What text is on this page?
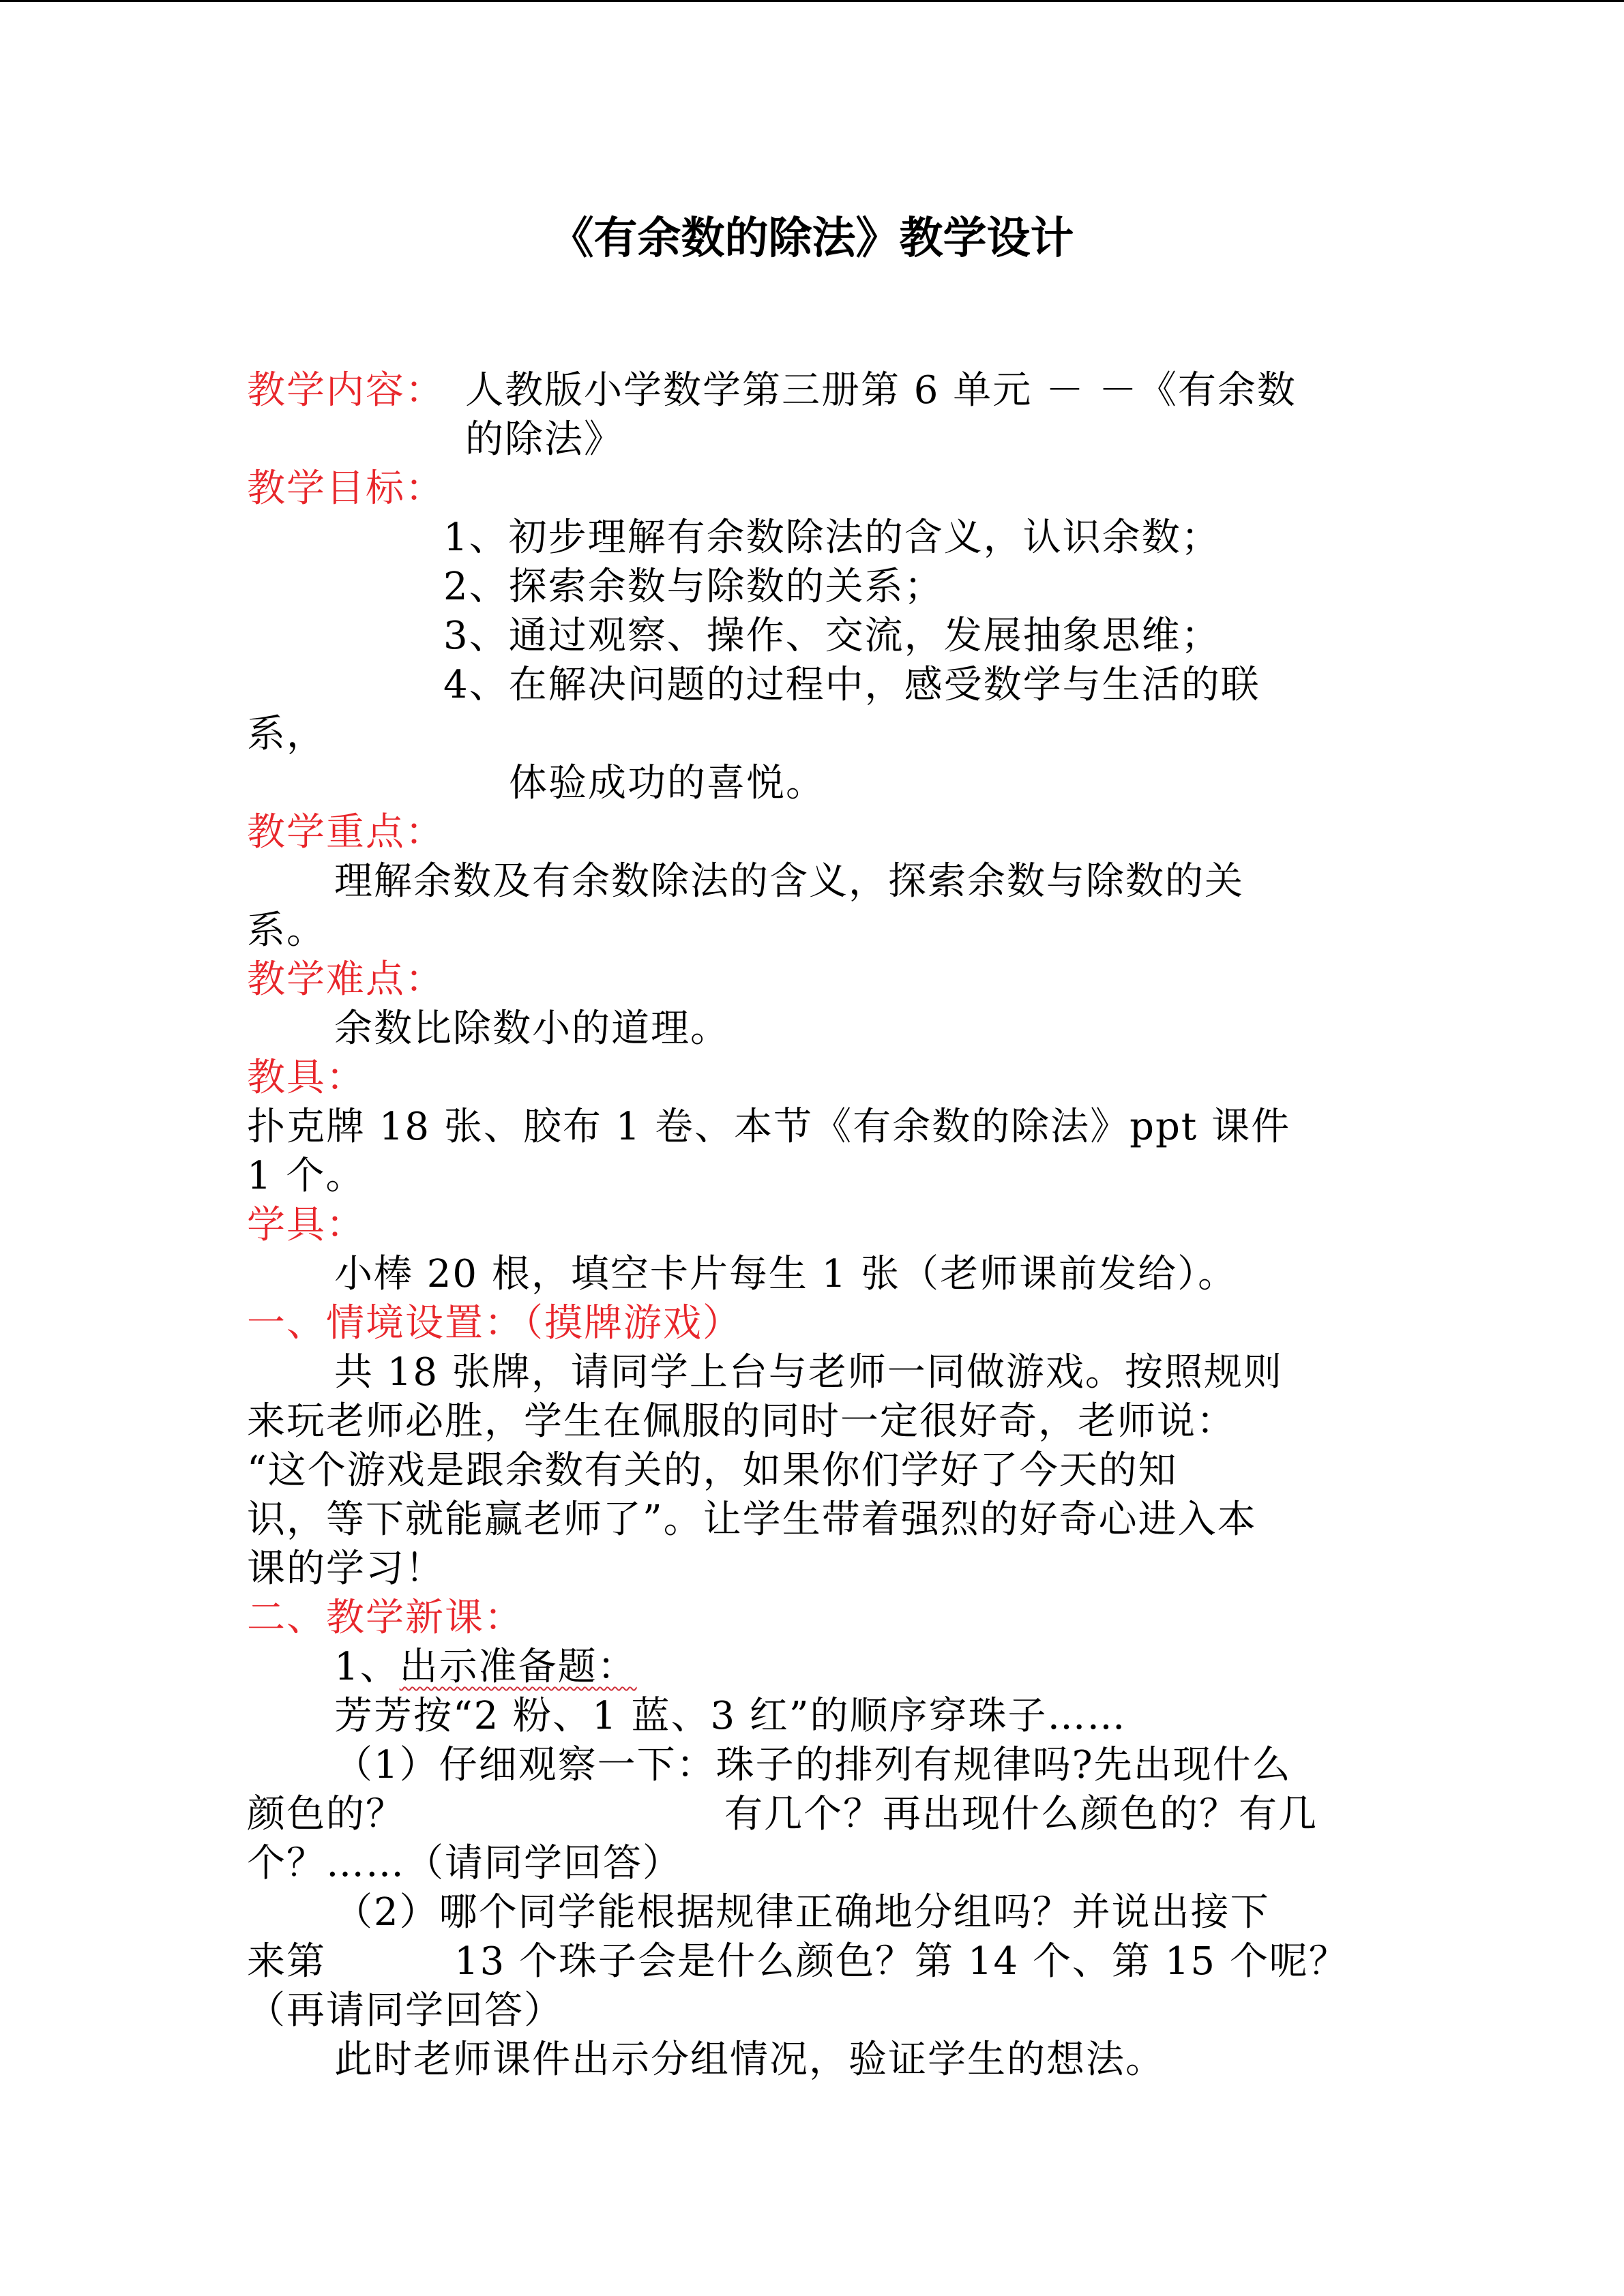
《有余数的除法》教学设计
教学内容： 人教版小学数学第三册第 6 单元 － －《有余数
的除法》
教学目标：
1、初步理解有余数除法的含义，认识余数；
2、探索余数与除数的关系；
3、通过观察、操作、交流，发展抽象思维；
4、在解决问题的过程中，感受数学与生活的联
系，
体验成功的喜悦。
教学重点：
理解余数及有余数除法的含义，探索余数与除数的关
系。
教学难点：
余数比除数小的道理。
教具：
扑克牌 18 张、胶布 1 卷、本节《有余数的除法》ppt 课件
1 个。
学具：
小棒 20 根，填空卡片每生 1 张（老师课前发给）。
一、情境设置：（摸牌游戏）
共 18 张牌，请同学上台与老师一同做游戏。按照规则
来玩老师必胜，学生在佩服的同时一定很好奇，老师说：
“这个游戏是跟余数有关的，如果你们学好了今天的知
识，等下就能赢老师了”。让学生带着强烈的好奇心进入本
课的学习！
二、教学新课：
1、出示准备题：
芳芳按“2 粉、1 蓝、3 红”的顺序穿珠子……
（1）仔细观察一下：珠子的排列有规律吗?先出现什么
颜色的？	有几个？再出现什么颜色的？有几
个？……（请同学回答）
（2）哪个同学能根据规律正确地分组吗？并说出接下
来第	13 个珠子会是什么颜色？第 14 个、第 15 个呢？
（再请同学回答）
此时老师课件出示分组情况，验证学生的想法。
